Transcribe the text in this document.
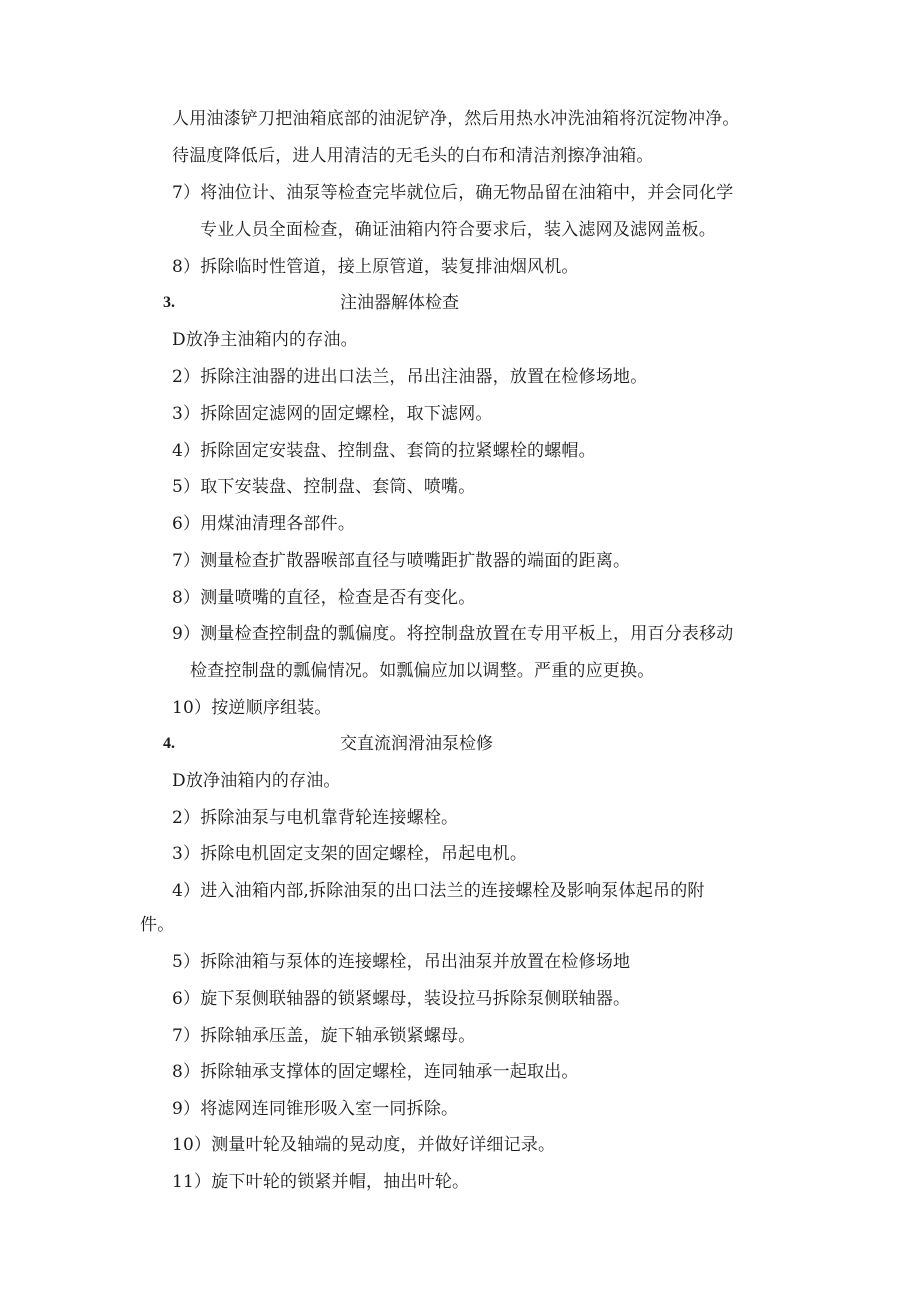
人用油漆铲刀把油箱底部的油泥铲净，然后用热水冲洗油箱将沉淀物冲净。
待温度降低后，进人用清洁的无毛头的白布和清洁剂擦净油箱。
7）将油位计、油泵等检查完毕就位后，确无物品留在油箱中，并会同化学
专业人员全面检查，确证油箱内符合要求后，装入滤网及滤网盖板。
8）拆除临时性管道，接上原管道，装复排油烟风机。
3.	注油器解体检查
D放净主油箱内的存油。
2）拆除注油器的进出口法兰，吊出注油器，放置在检修场地。
3）拆除固定滤网的固定螺栓，取下滤网。
4）拆除固定安装盘、控制盘、套筒的拉紧螺栓的螺帽。
5）取下安装盘、控制盘、套筒、喷嘴。
6）用煤油清理各部件。
7）测量检查扩散器喉部直径与喷嘴距扩散器的端面的距离。
8）测量喷嘴的直径，检查是否有变化。
9）测量检查控制盘的瓢偏度。将控制盘放置在专用平板上，用百分表移动
检查控制盘的瓢偏情况。如瓢偏应加以调整。严重的应更换。
10）按逆顺序组装。
4.	交直流润滑油泵检修
D放净油箱内的存油。
2）拆除油泵与电机靠背轮连接螺栓。
3）拆除电机固定支架的固定螺栓，吊起电机。
4）进入油箱内部,拆除油泵的出口法兰的连接螺栓及影响泵体起吊的附
件。
5）拆除油箱与泵体的连接螺栓，吊出油泵并放置在检修场地
6）旋下泵侧联轴器的锁紧螺母，装设拉马拆除泵侧联轴器。
7）拆除轴承压盖，旋下轴承锁紧螺母。
8）拆除轴承支撑体的固定螺栓，连同轴承一起取出。
9）将滤网连同锥形吸入室一同拆除。
10）测量叶轮及轴端的晃动度，并做好详细记录。
11）旋下叶轮的锁紧并帽，抽出叶轮。
